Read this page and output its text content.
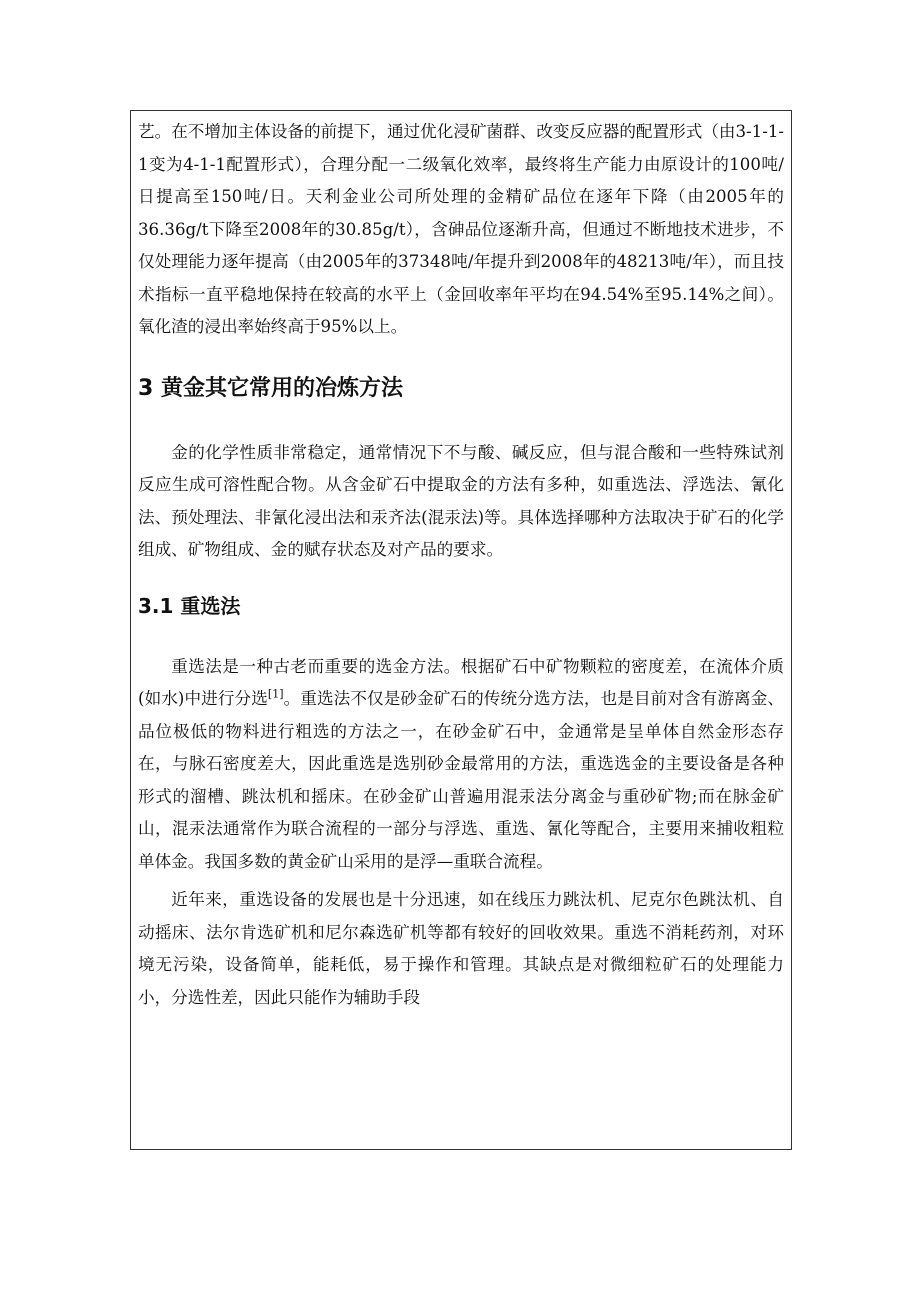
艺。在不增加主体设备的前提下，通过优化浸矿菌群、改变反应器的配置形式（由3-1-1-1变为4-1-1配置形式），合理分配一二级氧化效率，最终将生产能力由原设计的100吨/日提高至150吨/日。天利金业公司所处理的金精矿品位在逐年下降（由2005年的36.36g/t下降至2008年的30.85g/t），含砷品位逐渐升高，但通过不断地技术进步，不仅处理能力逐年提高（由2005年的37348吨/年提升到2008年的48213吨/年），而且技术指标一直平稳地保持在较高的水平上（金回收率年平均在94.54%至95.14%之间）。氧化渣的浸出率始终高于95%以上。

3 黄金其它常用的冶炼方法

金的化学性质非常稳定，通常情况下不与酸、碱反应，但与混合酸和一些特殊试剂反应生成可溶性配合物。从含金矿石中提取金的方法有多种，如重选法、浮选法、氰化法、预处理法、非氰化浸出法和汞齐法(混汞法)等。具体选择哪种方法取决于矿石的化学组成、矿物组成、金的赋存状态及对产品的要求。

3.1 重选法

重选法是一种古老而重要的选金方法。根据矿石中矿物颗粒的密度差，在流体介质(如水)中进行分选[1]。重选法不仅是砂金矿石的传统分选方法，也是目前对含有游离金、品位极低的物料进行粗选的方法之一，在砂金矿石中，金通常是呈单体自然金形态存在，与脉石密度差大，因此重选是选别砂金最常用的方法，重选选金的主要设备是各种形式的溜槽、跳汰机和摇床。在砂金矿山普遍用混汞法分离金与重砂矿物;而在脉金矿山，混汞法通常作为联合流程的一部分与浮选、重选、氰化等配合，主要用来捕收粗粒单体金。我国多数的黄金矿山采用的是浮—重联合流程。

近年来，重选设备的发展也是十分迅速，如在线压力跳汰机、尼克尔色跳汰机、自动摇床、法尔肯选矿机和尼尔森选矿机等都有较好的回收效果。重选不消耗药剂，对环境无污染，设备简单，能耗低，易于操作和管理。其缺点是对微细粒矿石的处理能力小，分选性差，因此只能作为辅助手段
